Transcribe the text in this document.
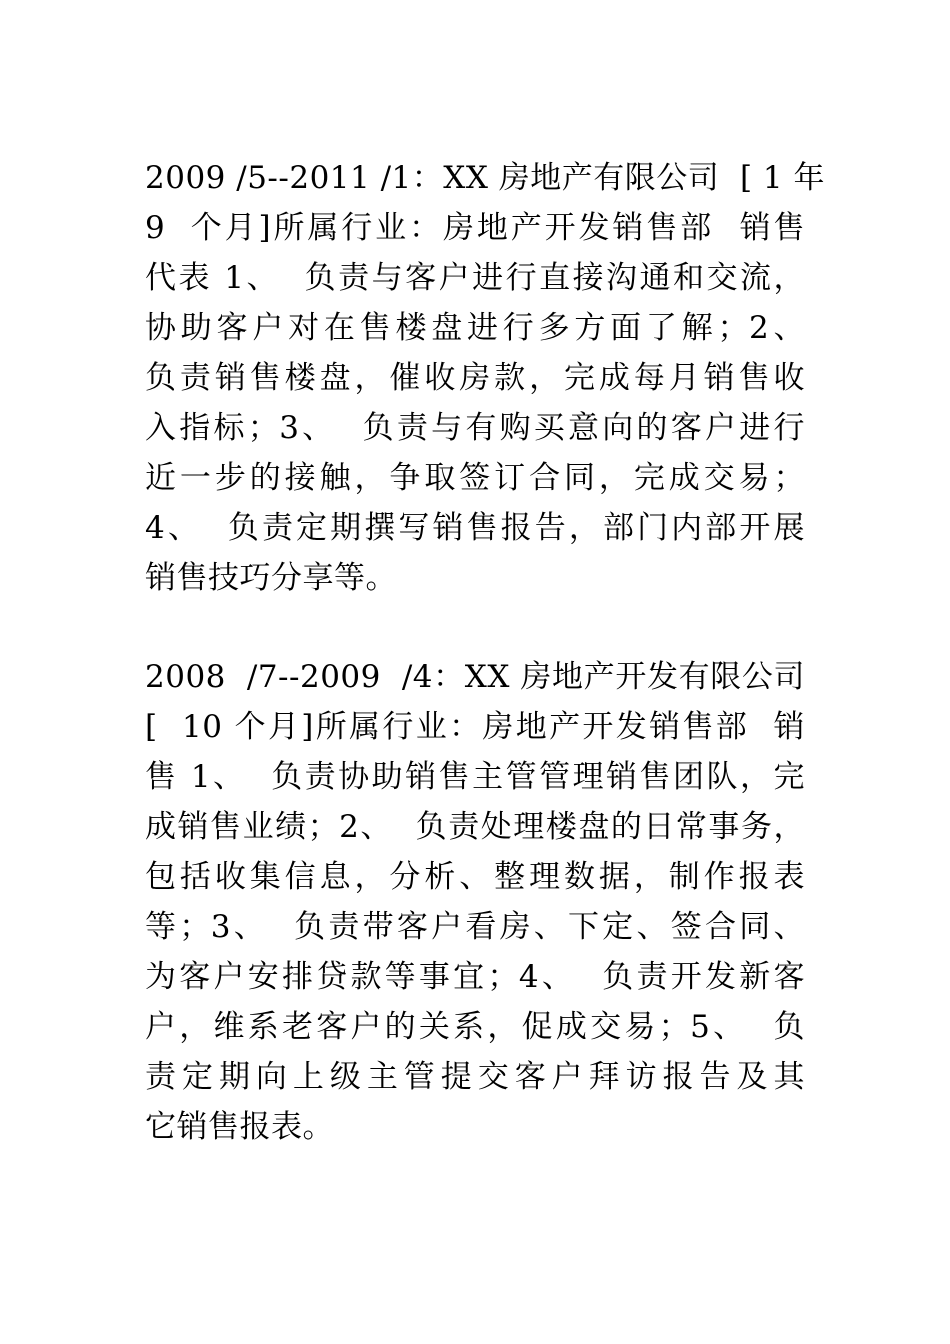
2009 /5--2011 /1：XX 房地产有限公司  [ 1 年
9  个月]所属行业：房地产开发销售部  销售
代表 1、  负责与客户进行直接沟通和交流，
协助客户对在售楼盘进行多方面了解；2、
负责销售楼盘，催收房款，完成每月销售收
入指标；3、  负责与有购买意向的客户进行
近一步的接触，争取签订合同，完成交易；
4、  负责定期撰写销售报告，部门内部开展
销售技巧分享等。
2008  /7--2009  /4：XX 房地产开发有限公司
[  10 个月]所属行业：房地产开发销售部  销
售 1、  负责协助销售主管管理销售团队，完
成销售业绩；2、  负责处理楼盘的日常事务，
包括收集信息，分析、整理数据，制作报表
等；3、  负责带客户看房、下定、签合同、
为客户安排贷款等事宜；4、  负责开发新客
户，维系老客户的关系，促成交易；5、  负
责定期向上级主管提交客户拜访报告及其
它销售报表。
